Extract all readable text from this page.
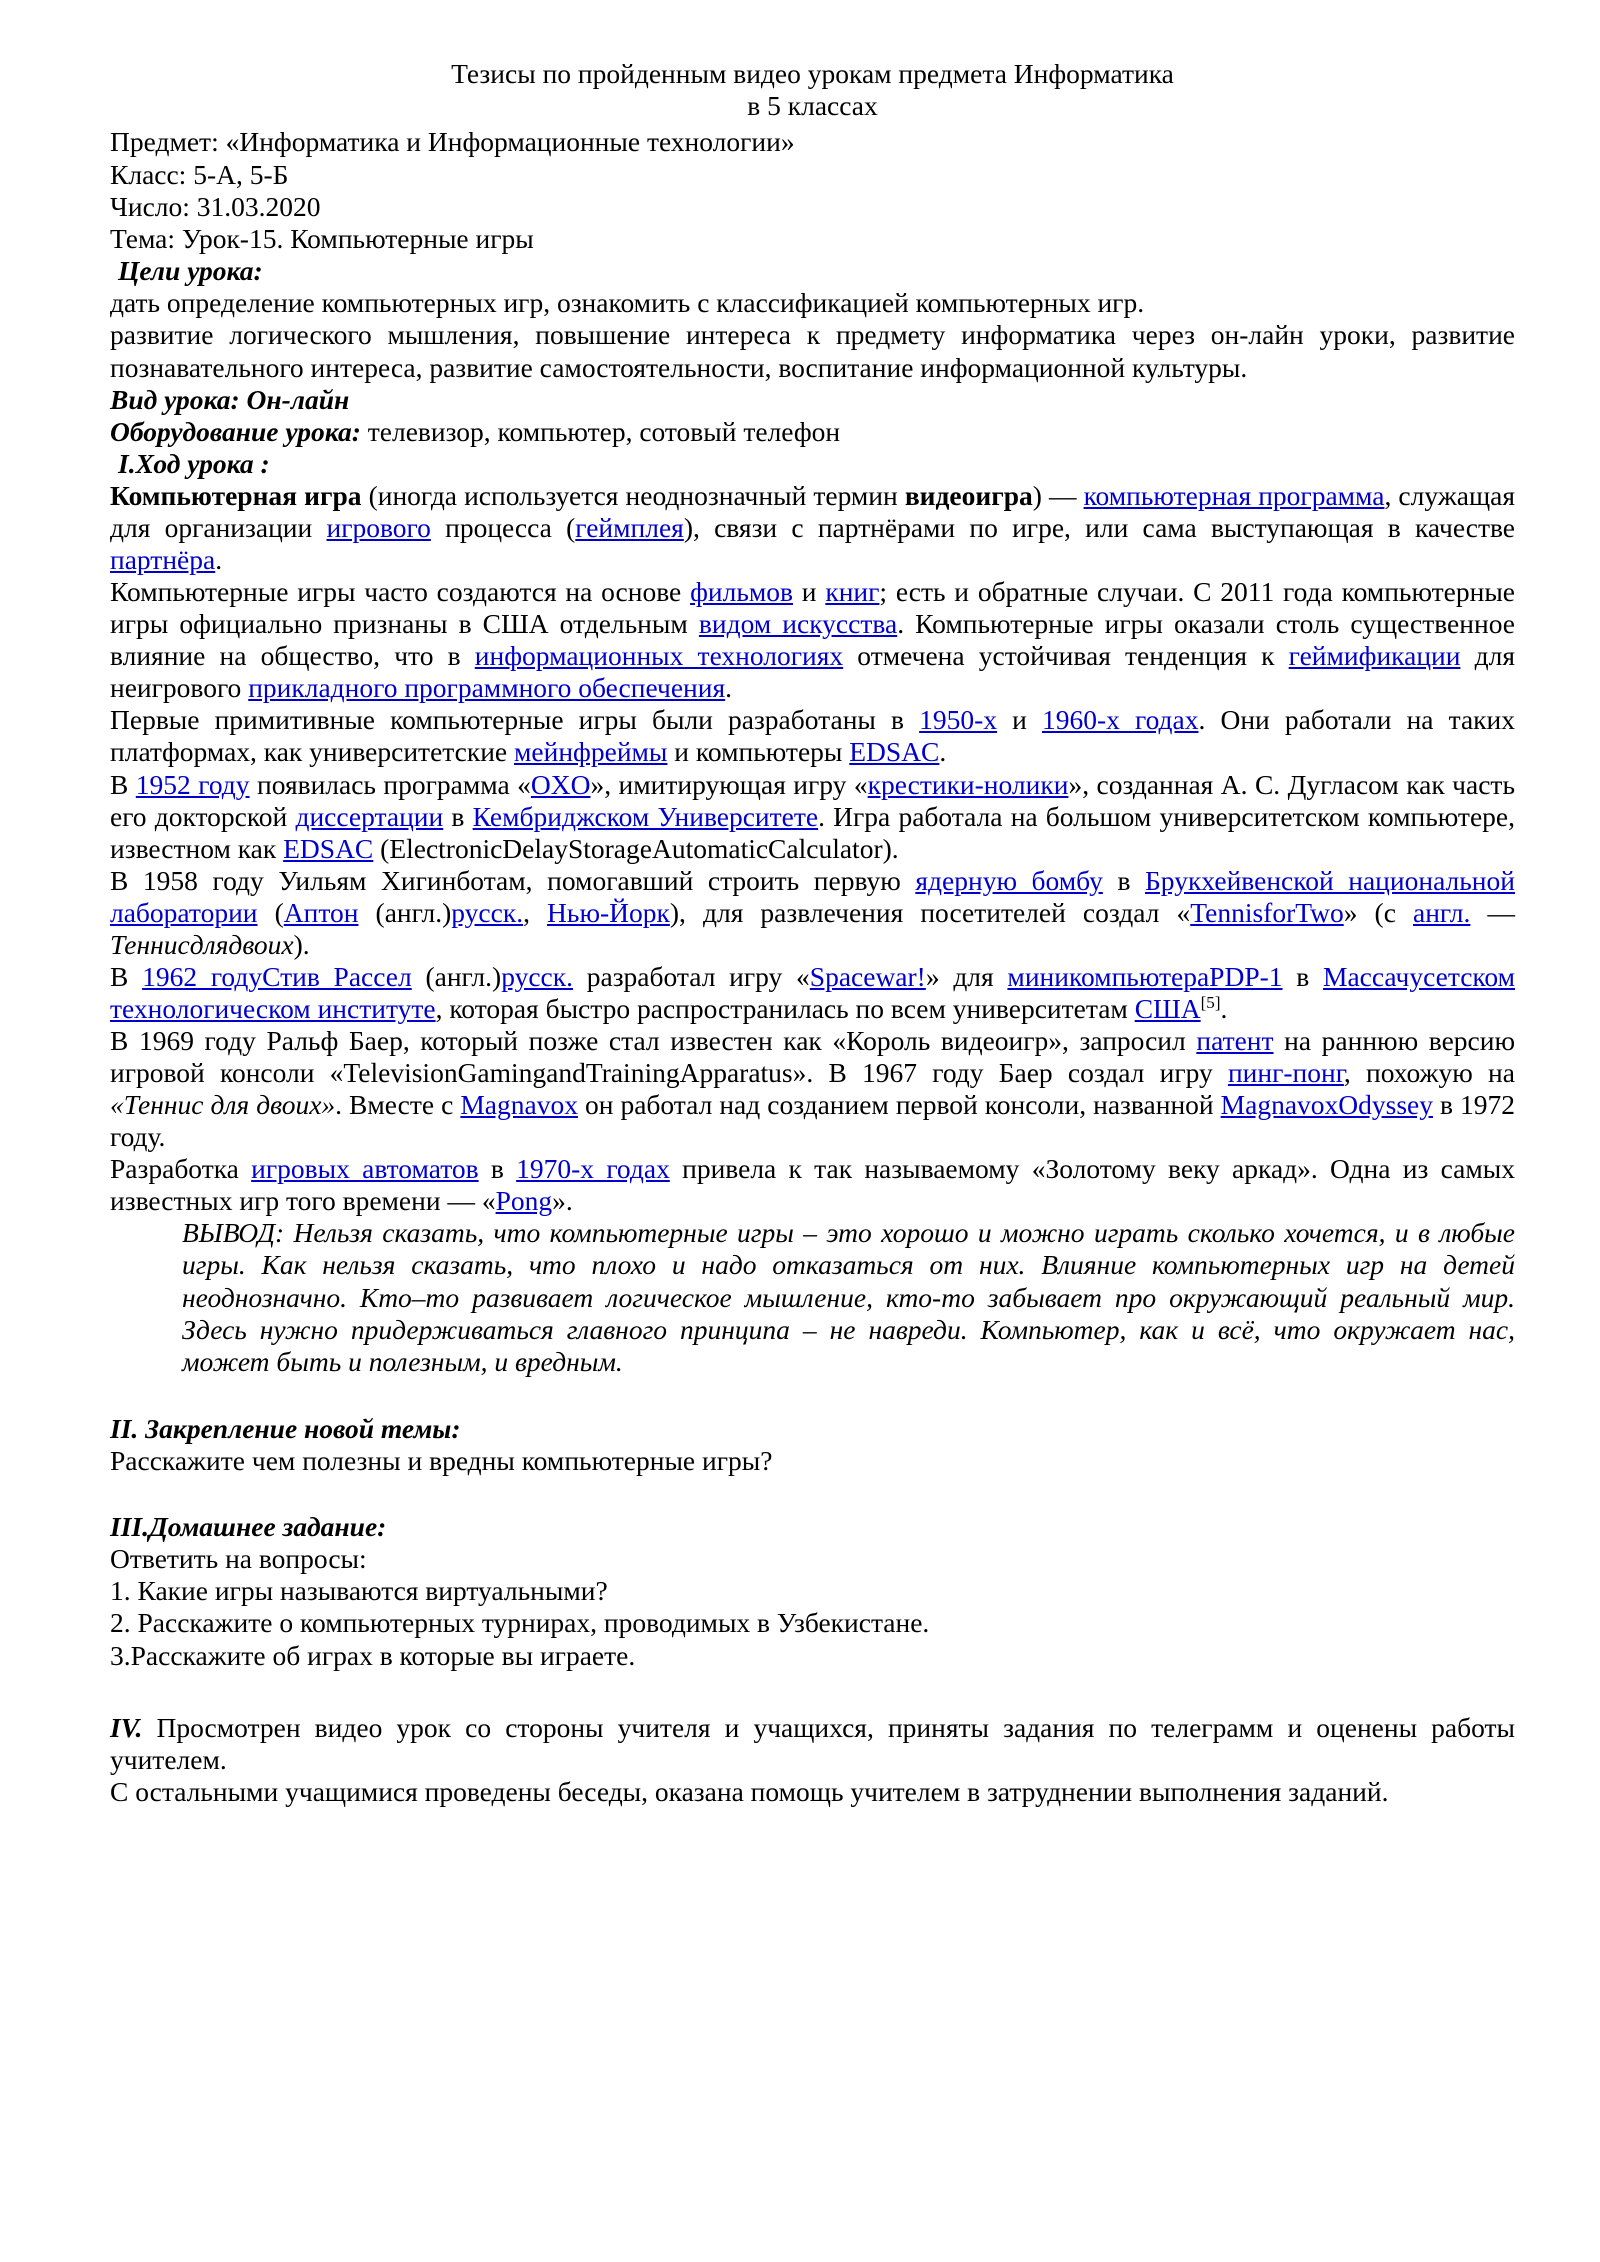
Тезисы по пройденным видео урокам предмета Информатика
в 5 классах

Предмет: «Информатика и Информационные технологии»

Класс: 5-А, 5-Б

Число: 31.03.2020

Тема: Урок-15. Компьютерные игры

Цели урока:

дать определение компьютерных игр, ознакомить с классификацией компьютерных игр.

развитие логического мышления, повышение интереса к предмету информатика через он-лайн уроки, развитие познавательного интереса, развитие самостоятельности, воспитание информационной культуры.

Вид урока: Он-лайн

Оборудование урока: телевизор, компьютер, сотовый телефон

I.Ход урока :

Компьютерная игра (иногда используется неоднозначный термин видеоигра) — компьютерная программа, служащая для организации игрового процесса (геймплея), связи с партнёрами по игре, или сама выступающая в качестве партнёра.

Компьютерные игры часто создаются на основе фильмов и книг; есть и обратные случаи. С 2011 года компьютерные игры официально признаны в США отдельным видом искусства. Компьютерные игры оказали столь существенное влияние на общество, что в информационных технологиях отмечена устойчивая тенденция к геймификации для неигрового прикладного программного обеспечения.

Первые примитивные компьютерные игры были разработаны в 1950-х и 1960-х годах. Они работали на таких платформах, как университетские мейнфреймы и компьютеры EDSAC.

В 1952 году появилась программа «OXO», имитирующая игру «крестики-нолики», созданная А. С. Дугласом как часть его докторской диссертации в Кембриджском Университете. Игра работала на большом университетском компьютере, известном как EDSAC (ElectronicDelayStorageAutomaticCalculator).

В 1958 году Уильям Хигинботам, помогавший строить первую ядерную бомбу в Брукхейвенской национальной лаборатории (Аптон (англ.)русск., Нью-Йорк), для развлечения посетителей создал «TennisforTwo» (с англ. — Теннисдлядвоих).

В 1962 годуСтив Рассел (англ.)русск. разработал игру «Spacewar!» для миникомпьютераPDP-1 в Массачусетском технологическом институте, которая быстро распространилась по всем университетам США[5].

В 1969 году Ральф Баер, который позже стал известен как «Король видеоигр», запросил патент на раннюю версию игровой консоли «TelevisionGamingandTrainingApparatus». В 1967 году Баер создал игру пинг-понг, похожую на «Теннис для двоих». Вместе с Magnavox он работал над созданием первой консоли, названной MagnavoxOdyssey в 1972 году.

Разработка игровых автоматов в 1970-х годах привела к так называемому «Золотому веку аркад». Одна из самых известных игр того времени — «Pong».

ВЫВОД: Нельзя сказать, что компьютерные игры – это хорошо и можно играть сколько хочется, и в любые игры. Как нельзя сказать, что плохо и надо отказаться от них. Влияние компьютерных игр на детей неоднозначно. Кто–то развивает логическое мышление, кто-то забывает про окружающий реальный мир. Здесь нужно придерживаться главного принципа – не навреди. Компьютер, как и всё, что окружает нас, может быть и полезным, и вредным.

II. Закрепление новой темы:

Расскажите чем полезны и вредны компьютерные игры?

III.Домашнее задание:

Ответить на вопросы:

1. Какие игры называются виртуальными?

2. Расскажите о компьютерных турнирах, проводимых в Узбекистане.

3.Расскажите об играх в которые вы играете.

IV. Просмотрен видео урок со стороны учителя и учащихся, приняты задания по телеграмм и оценены работы учителем.

С остальными учащимися проведены беседы, оказана помощь учителем в затруднении выполнения заданий.
